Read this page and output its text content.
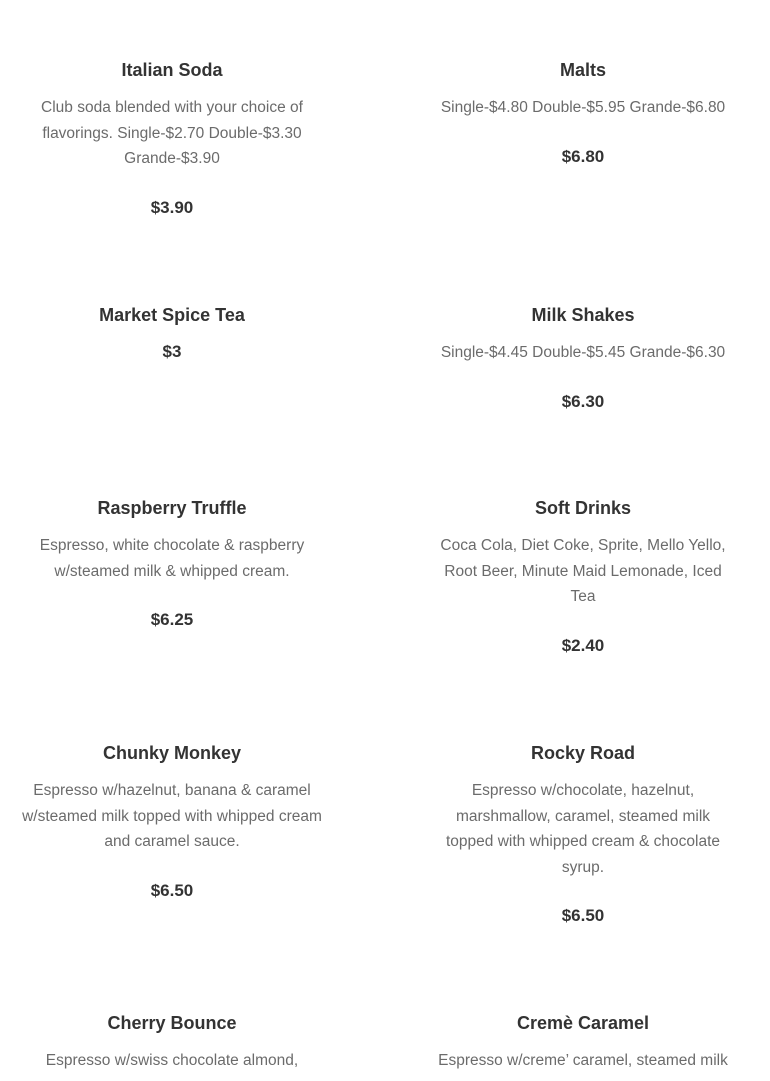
Italian Soda

Club soda blended with your choice of flavorings. Single-$2.70 Double-$3.30 Grande-$3.90

$3.90

Malts

Single-$4.80 Double-$5.95 Grande-$6.80

$6.80

Market Spice Tea

$3

Milk Shakes

Single-$4.45 Double-$5.45 Grande-$6.30

$6.30

Raspberry Truffle

Espresso, white chocolate & raspberry w/steamed milk & whipped cream.

$6.25

Soft Drinks

Coca Cola, Diet Coke, Sprite, Mello Yello, Root Beer, Minute Maid Lemonade, Iced Tea

$2.40

Chunky Monkey

Espresso w/hazelnut, banana & caramel w/steamed milk topped with whipped cream and caramel sauce.

$6.50

Rocky Road

Espresso w/chocolate, hazelnut, marshmallow, caramel, steamed milk topped with whipped cream & chocolate syrup.

$6.50

Cherry Bounce

Espresso w/swiss chocolate almond,

Cremè Caramel

Espresso w/creme’ caramel, steamed milk
